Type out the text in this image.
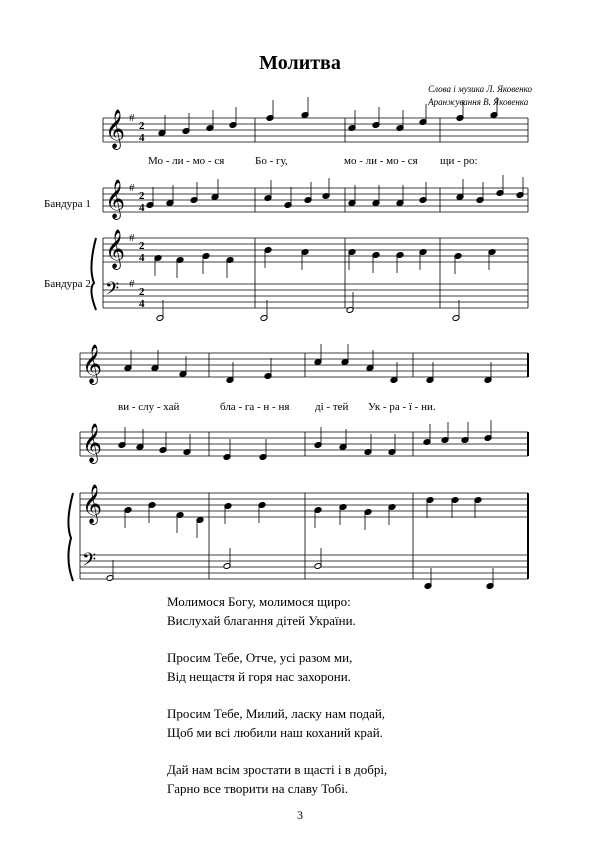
Молитва
Слова і музика Л. Яковенко
Аранжування В. Яковенка
Бандура 1
Бандура 2
𝄞 #
2
4
𝄞 #
2
4
𝄞 #
2
4
𝄢 #
2
4
𝄞
𝄞
𝄞
𝄢
Мо - ли - мо - ся	Бо - гу,	мо - ли - мо - ся щи - ро:
ви - слу - хай	бла - га - н - ня ді - тей Ук - ра - ї - ни.
Молимося Богу, молимося щиро:
Вислухай благання дітей України.
Просим Тебе, Отче, усі разом ми,
Від нещастя й горя нас захорони.
Просим Тебе, Милий, ласку нам подай,
Щоб ми всі любили наш коханий край.
Дай нам всім зростати в щасті і в добрі,
Гарно все творити на славу Тобі.
3
